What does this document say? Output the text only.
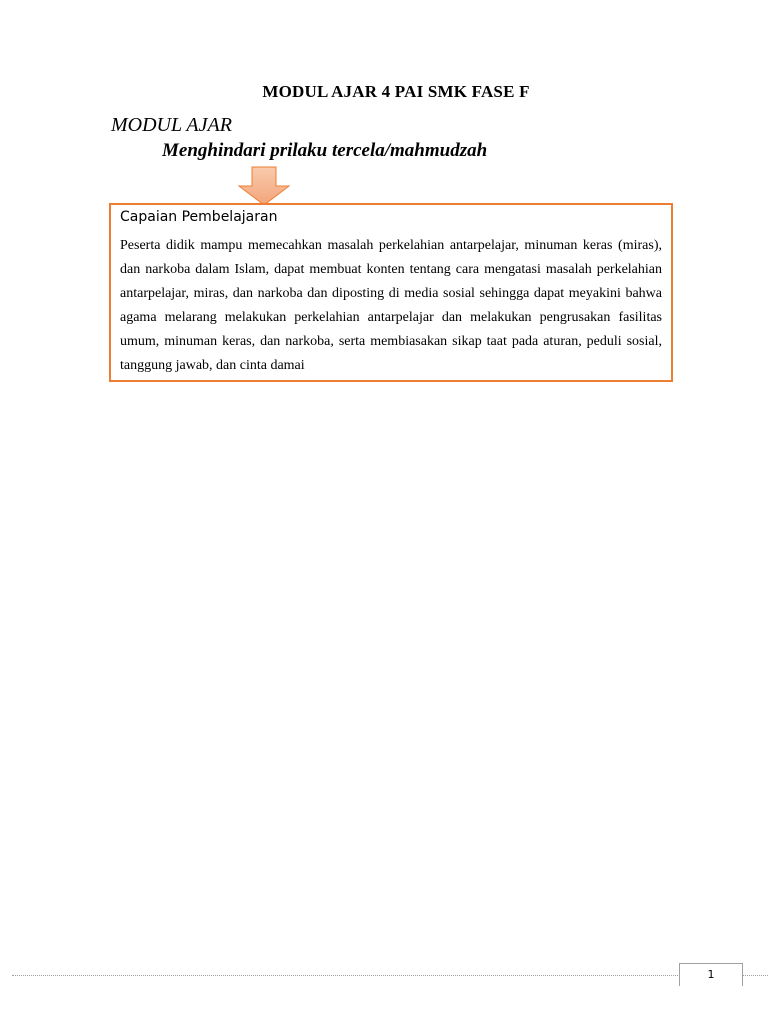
MODUL AJAR 4 PAI SMK FASE F
MODUL AJAR
Menghindari prilaku tercela/mahmudzah
Capaian Pembelajaran
Peserta didik mampu memecahkan masalah perkelahian antarpelajar, minuman keras (miras), dan narkoba dalam Islam, dapat membuat konten tentang cara mengatasi masalah perkelahian antarpelajar, miras, dan narkoba dan diposting di media sosial sehingga dapat meyakini bahwa agama melarang melakukan perkelahian antarpelajar dan melakukan pengrusakan fasilitas umum, minuman keras, dan narkoba, serta membiasakan sikap taat pada aturan, peduli sosial, tanggung jawab, dan cinta damai
1
